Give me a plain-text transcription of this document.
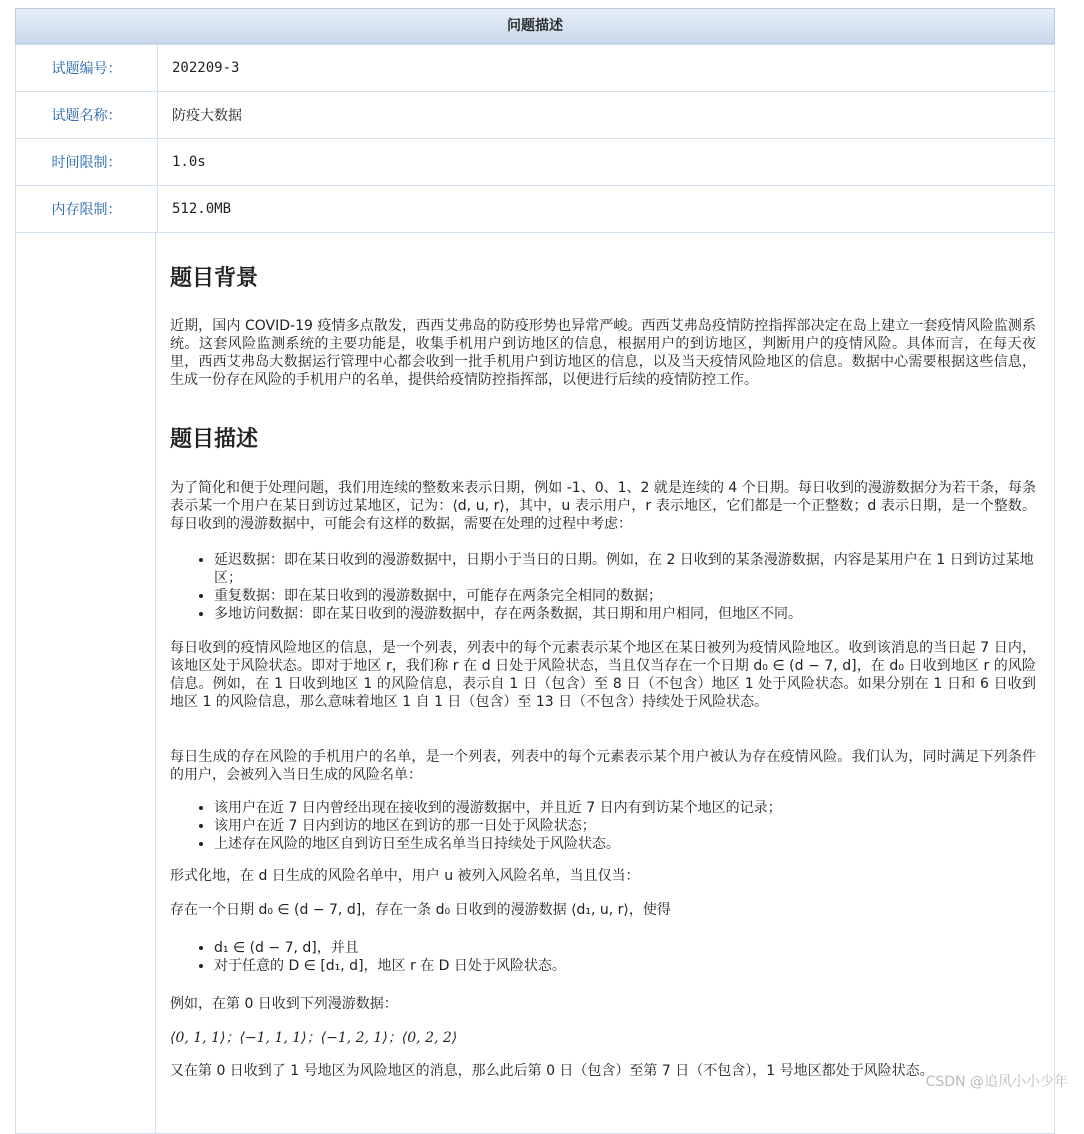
问题描述
试题编号：	202209-3
试题名称：	防疫大数据
时间限制：	1.0s
内存限制：	512.0MB
题目背景

近期，国内 COVID-19 疫情多点散发，西西艾弗岛的防疫形势也异常严峻。西西艾弗岛疫情防控指挥部决定在岛上建立一套疫情风险监测系统。这套风险监测系统的主要功能是，收集手机用户到访地区的信息，根据用户的到访地区，判断用户的疫情风险。具体而言，在每天夜里，西西艾弗岛大数据运行管理中心都会收到一批手机用户到访地区的信息，以及当天疫情风险地区的信息。数据中心需要根据这些信息，生成一份存在风险的手机用户的名单，提供给疫情防控指挥部，以便进行后续的疫情防控工作。

题目描述

为了简化和便于处理问题，我们用连续的整数来表示日期，例如 -1、0、1、2 就是连续的 4 个日期。每日收到的漫游数据分为若干条，每条表示某一个用户在某日到访过某地区，记为：⟨d, u, r⟩，其中，u 表示用户，r 表示地区，它们都是一个正整数；d 表示日期，是一个整数。每日收到的漫游数据中，可能会有这样的数据，需要在处理的过程中考虑：

• 延迟数据：即在某日收到的漫游数据中，日期小于当日的日期。例如，在 2 日收到的某条漫游数据，内容是某用户在 1 日到访过某地区；
• 重复数据：即在某日收到的漫游数据中，可能存在两条完全相同的数据；
• 多地访问数据：即在某日收到的漫游数据中，存在两条数据，其日期和用户相同，但地区不同。

每日收到的疫情风险地区的信息，是一个列表，列表中的每个元素表示某个地区在某日被列为疫情风险地区。收到该消息的当日起 7 日内，该地区处于风险状态。即对于地区 r，我们称 r 在 d 日处于风险状态，当且仅当存在一个日期 d₀ ∈ (d − 7, d]，在 d₀ 日收到地区 r 的风险信息。例如，在 1 日收到地区 1 的风险信息，表示自 1 日（包含）至 8 日（不包含）地区 1 处于风险状态。如果分别在 1 日和 6 日收到地区 1 的风险信息，那么意味着地区 1 自 1 日（包含）至 13 日（不包含）持续处于风险状态。

每日生成的存在风险的手机用户的名单，是一个列表，列表中的每个元素表示某个用户被认为存在疫情风险。我们认为，同时满足下列条件的用户，会被列入当日生成的风险名单：

• 该用户在近 7 日内曾经出现在接收到的漫游数据中，并且近 7 日内有到访某个地区的记录；
• 该用户在近 7 日内到访的地区在到访的那一日处于风险状态；
• 上述存在风险的地区自到访日至生成名单当日持续处于风险状态。

形式化地，在 d 日生成的风险名单中，用户 u 被列入风险名单，当且仅当：

存在一个日期 d₀ ∈ (d − 7, d]，存在一条 d₀ 日收到的漫游数据 ⟨d₁, u, r⟩，使得

• d₁ ∈ (d − 7, d]，并且
• 对于任意的 D ∈ [d₁, d]，地区 r 在 D 日处于风险状态。

例如，在第 0 日收到下列漫游数据：

⟨0, 1, 1⟩；⟨−1, 1, 1⟩；⟨−1, 2, 1⟩；⟨0, 2, 2⟩

又在第 0 日收到了 1 号地区为风险地区的消息，那么此后第 0 日（包含）至第 7 日（不包含），1 号地区都处于风险状态。

CSDN @追风小小少年
